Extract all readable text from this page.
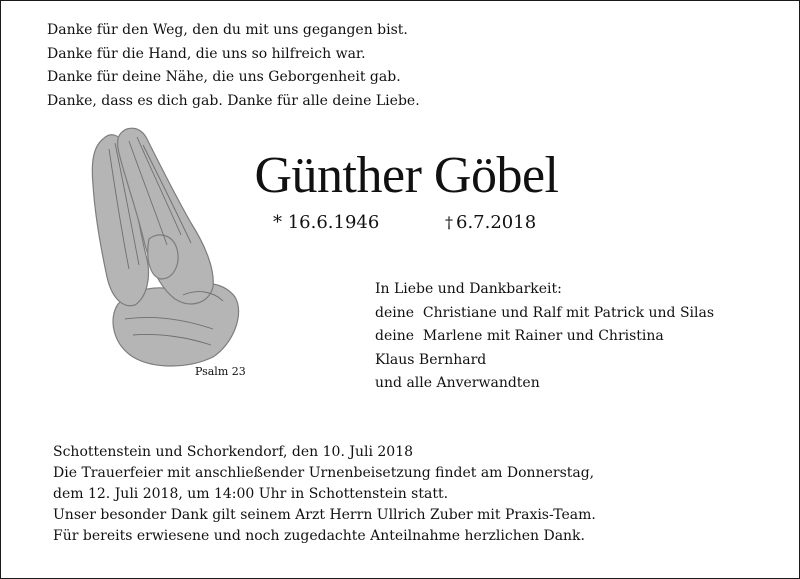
Danke für den Weg, den du mit uns gegangen bist.
Danke für die Hand, die uns so hilfreich war.
Danke für deine Nähe, die uns Geborgenheit gab.
Danke, dass es dich gab. Danke für alle deine Liebe.
Psalm 23
Günther Göbel
* 16.6.1946	† 6.7.2018
In Liebe und Dankbarkeit:
deine  Christiane und Ralf mit Patrick und Silas
deine  Marlene mit Rainer und Christina
Klaus Bernhard
und alle Anverwandten
Schottenstein und Schorkendorf, den 10. Juli 2018
Die Trauerfeier mit anschließender Urnenbeisetzung findet am Donnerstag,
dem 12. Juli 2018, um 14:00 Uhr in Schottenstein statt.
Unser besonder Dank gilt seinem Arzt Herrn Ullrich Zuber mit Praxis-Team.
Für bereits erwiesene und noch zugedachte Anteilnahme herzlichen Dank.
